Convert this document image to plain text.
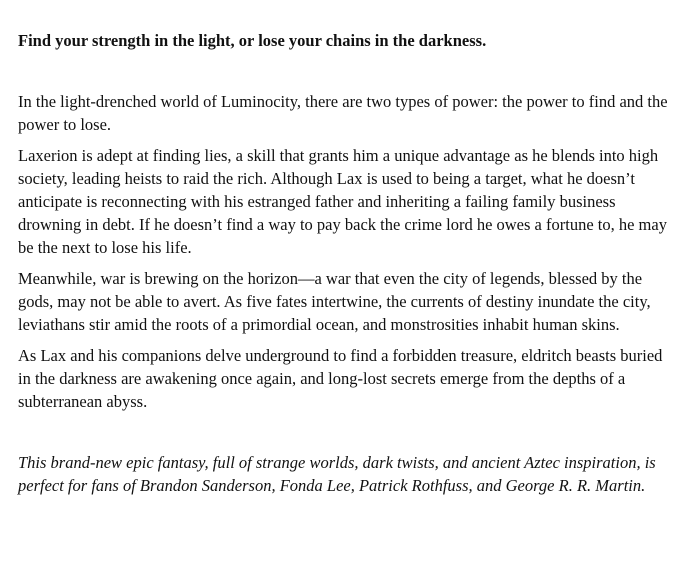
Find your strength in the light, or lose your chains in the darkness.

In the light-drenched world of Luminocity, there are two types of power: the power to find and the power to lose.

Laxerion is adept at finding lies, a skill that grants him a unique advantage as he blends into high society, leading heists to raid the rich. Although Lax is used to being a target, what he doesn’t anticipate is reconnecting with his estranged father and inheriting a failing family business drowning in debt. If he doesn’t find a way to pay back the crime lord he owes a fortune to, he may be the next to lose his life.

Meanwhile, war is brewing on the horizon—a war that even the city of legends, blessed by the gods, may not be able to avert. As five fates intertwine, the currents of destiny inundate the city, leviathans stir amid the roots of a primordial ocean, and monstrosities inhabit human skins.

As Lax and his companions delve underground to find a forbidden treasure, eldritch beasts buried in the darkness are awakening once again, and long-lost secrets emerge from the depths of a subterranean abyss.

This brand-new epic fantasy, full of strange worlds, dark twists, and ancient Aztec inspiration, is perfect for fans of Brandon Sanderson, Fonda Lee, Patrick Rothfuss, and George R. R. Martin.
